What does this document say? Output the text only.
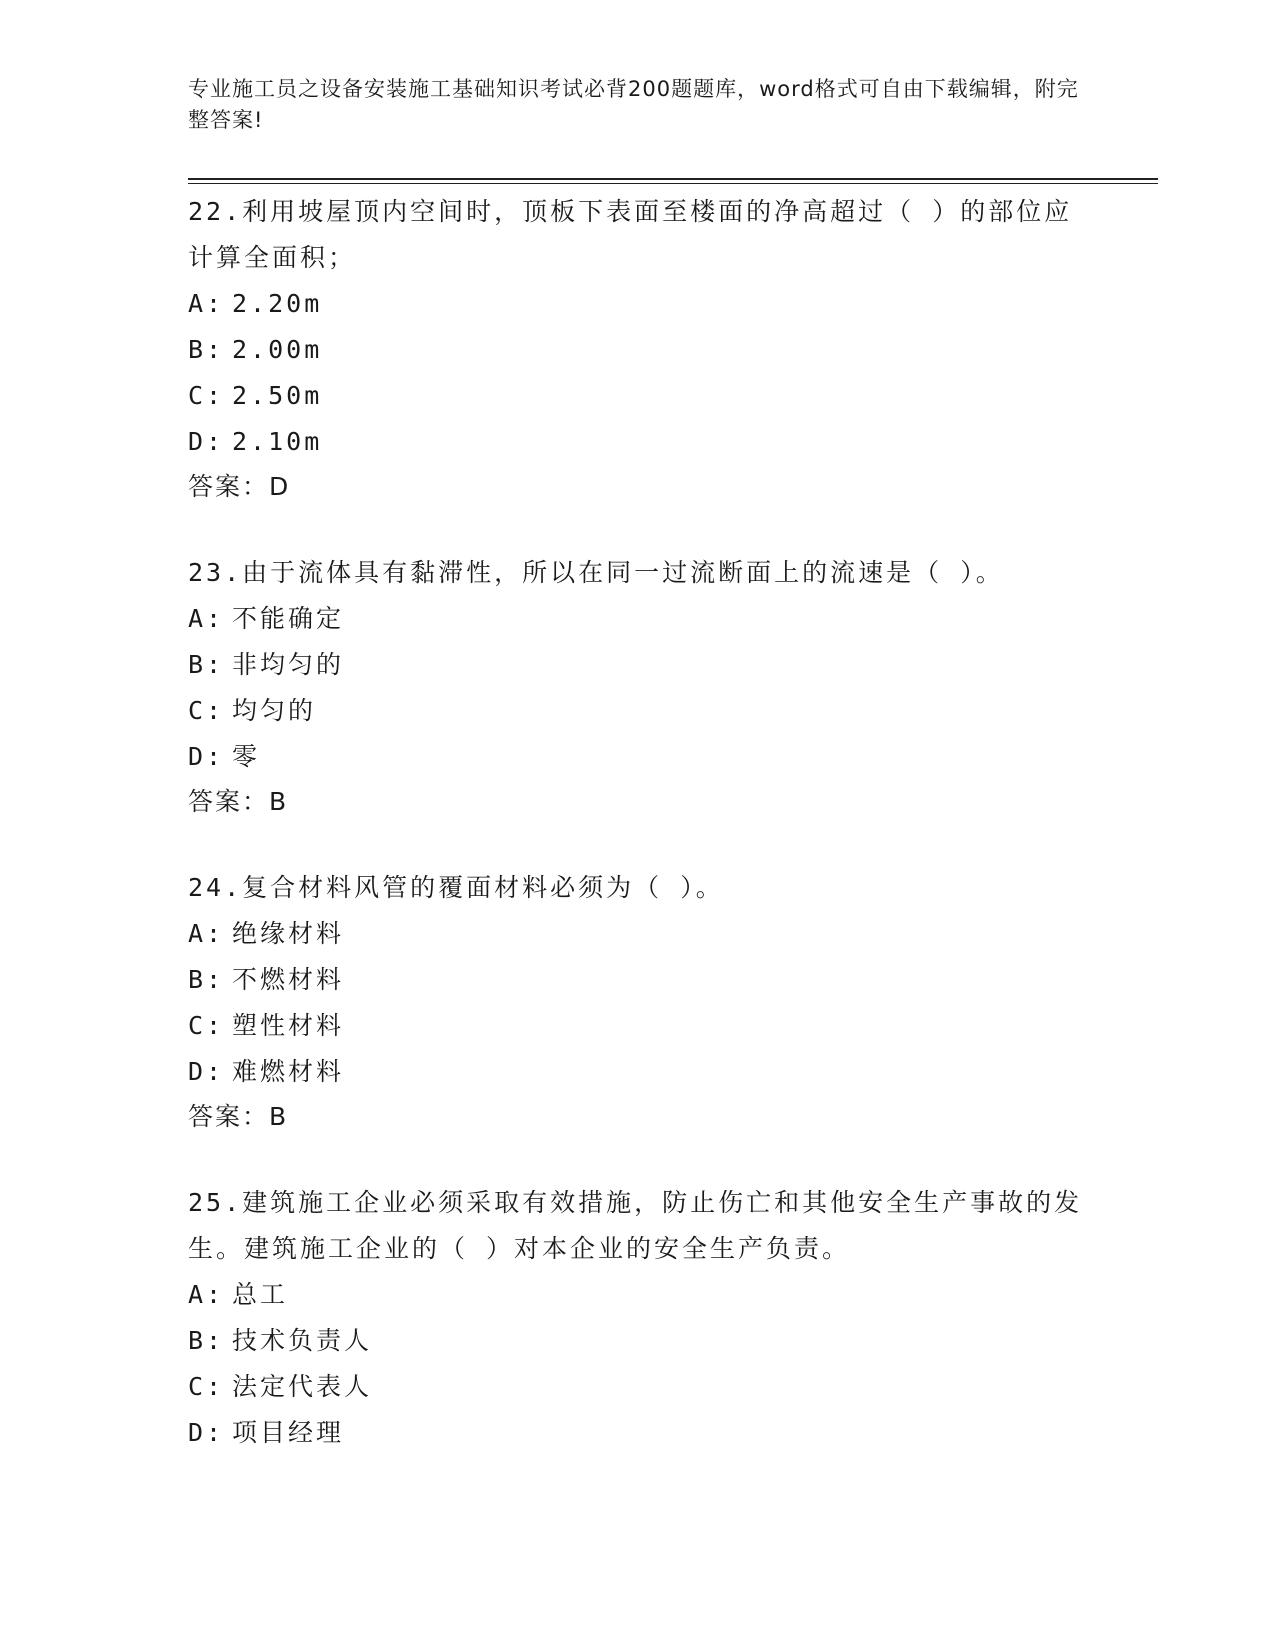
专业施工员之设备安装施工基础知识考试必背200题题库，word格式可自由下载编辑，附完整答案!
22.利用坡屋顶内空间时，顶板下表面至楼面的净高超过（ ）的部位应计算全面积；
A: 2.20m
B: 2.00m
C: 2.50m
D: 2.10m
答案：D
23.由于流体具有黏滞性，所以在同一过流断面上的流速是（ ）。
A: 不能确定
B: 非均匀的
C: 均匀的
D: 零
答案：B
24.复合材料风管的覆面材料必须为（ ）。
A: 绝缘材料
B: 不燃材料
C: 塑性材料
D: 难燃材料
答案：B
25.建筑施工企业必须采取有效措施，防止伤亡和其他安全生产事故的发生。建筑施工企业的（ ）对本企业的安全生产负责。
A: 总工
B: 技术负责人
C: 法定代表人
D: 项目经理
